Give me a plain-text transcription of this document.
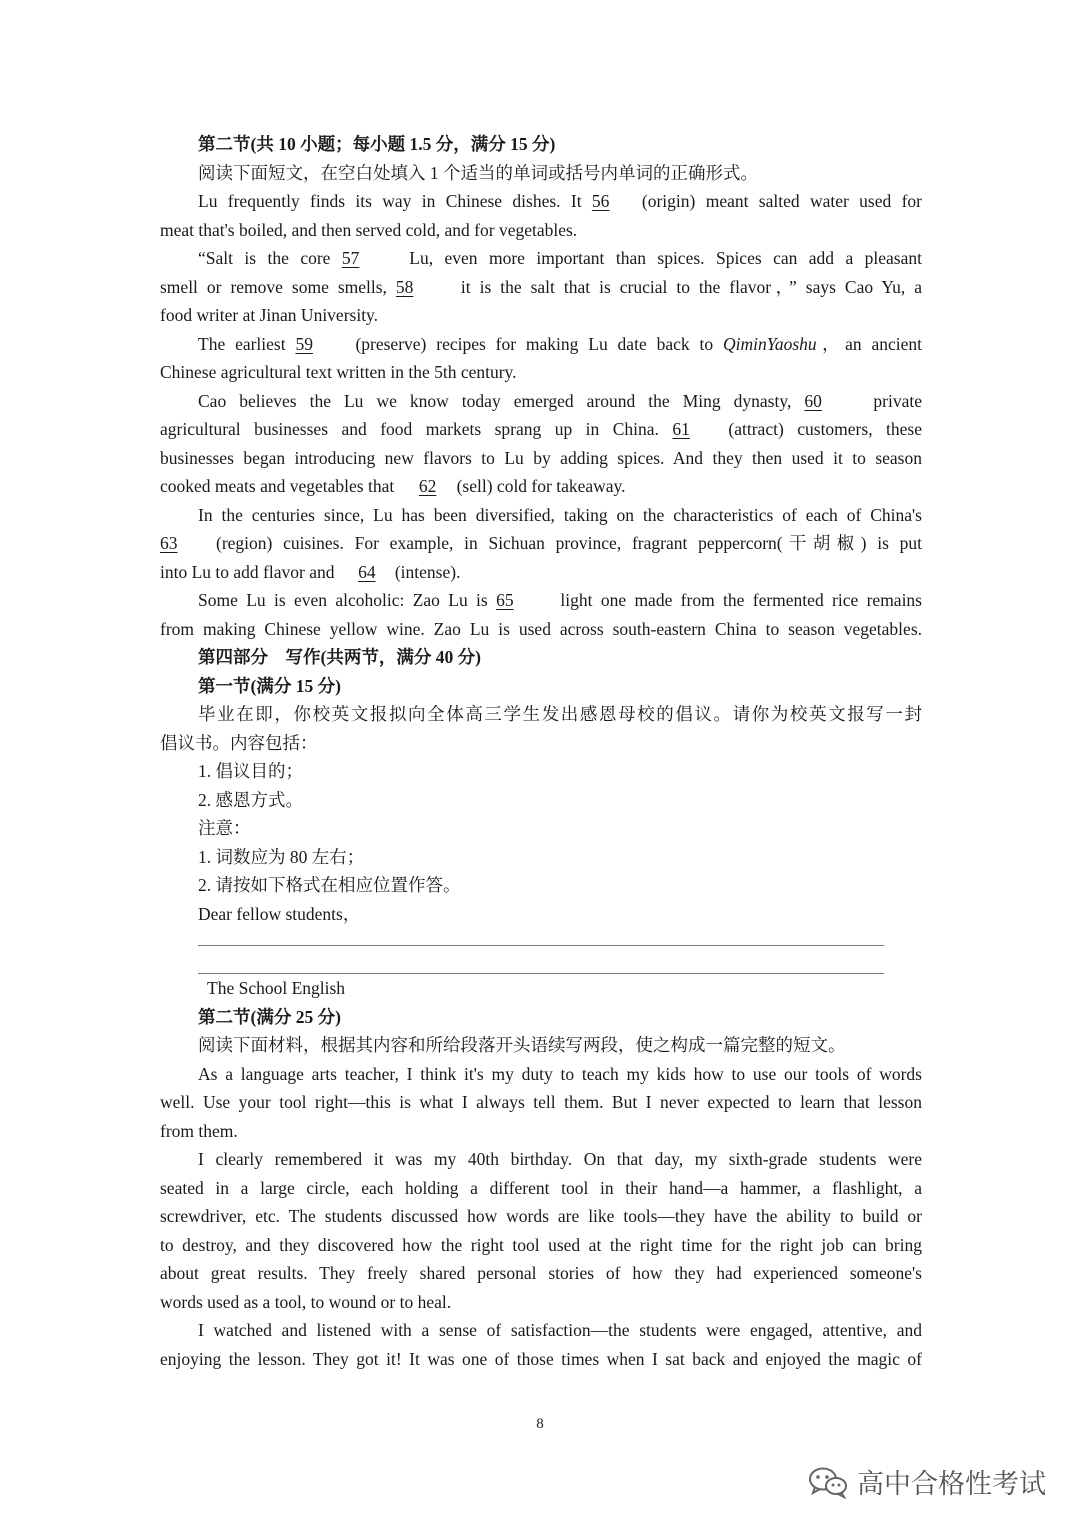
第二节(共 10 小题；每小题 1.5 分，满分 15 分)
阅读下面短文，在空白处填入 1 个适当的单词或括号内单词的正确形式。
Lu frequently finds its way in Chinese dishes. It 56 (origin) meant salted water used for
meat that's boiled, and then served cold, and for vegetables.
“Salt is the core 57 Lu, even more important than spices. Spices can add a pleasant
smell or remove some smells, 58 it is the salt that is crucial to the flavor，” says Cao Yu, a
food writer at Jinan University.
The earliest 59 (preserve) recipes for making Lu date back to QiminYaoshu，an ancient
Chinese agricultural text written in the 5th century.
Cao believes the Lu we know today emerged around the Ming dynasty, 60 private
agricultural businesses and food markets sprang up in China. 61 (attract) customers, these
businesses began introducing new flavors to Lu by adding spices. And they then used it to season
cooked meats and vegetables that 62 (sell) cold for takeaway.
In the centuries since, Lu has been diversified, taking on the characteristics of each of China's
63 (region) cuisines. For example, in Sichuan province, fragrant peppercorn(干胡椒) is put
into Lu to add flavor and 64 (intense).
Some Lu is even alcoholic: Zao Lu is 65 light one made from the fermented rice remains
from making Chinese yellow wine. Zao Lu is used across south-eastern China to season vegetables.
第四部分　写作(共两节，满分 40 分)
第一节(满分 15 分)
毕业在即，你校英文报拟向全体高三学生发出感恩母校的倡议。请你为校英文报写一封
倡议书。内容包括：
1. 倡议目的；
2. 感恩方式。
注意：
1. 词数应为 80 左右；
2. 请按如下格式在相应位置作答。
Dear fellow students，
The School English
第二节(满分 25 分)
阅读下面材料，根据其内容和所给段落开头语续写两段，使之构成一篇完整的短文。
As a language arts teacher, I think it's my duty to teach my kids how to use our tools of words
well. Use your tool right—this is what I always tell them. But I never expected to learn that lesson
from them.
I clearly remembered it was my 40th birthday. On that day, my sixth-grade students were
seated in a large circle, each holding a different tool in their hand—a hammer, a flashlight, a
screwdriver, etc. The students discussed how words are like tools—they have the ability to build or
to destroy, and they discovered how the right tool used at the right time for the right job can bring
about great results. They freely shared personal stories of how they had experienced someone's
words used as a tool, to wound or to heal.
I watched and listened with a sense of satisfaction—the students were engaged, attentive, and
enjoying the lesson. They got it! It was one of those times when I sat back and enjoyed the magic of
8
高中合格性考试
